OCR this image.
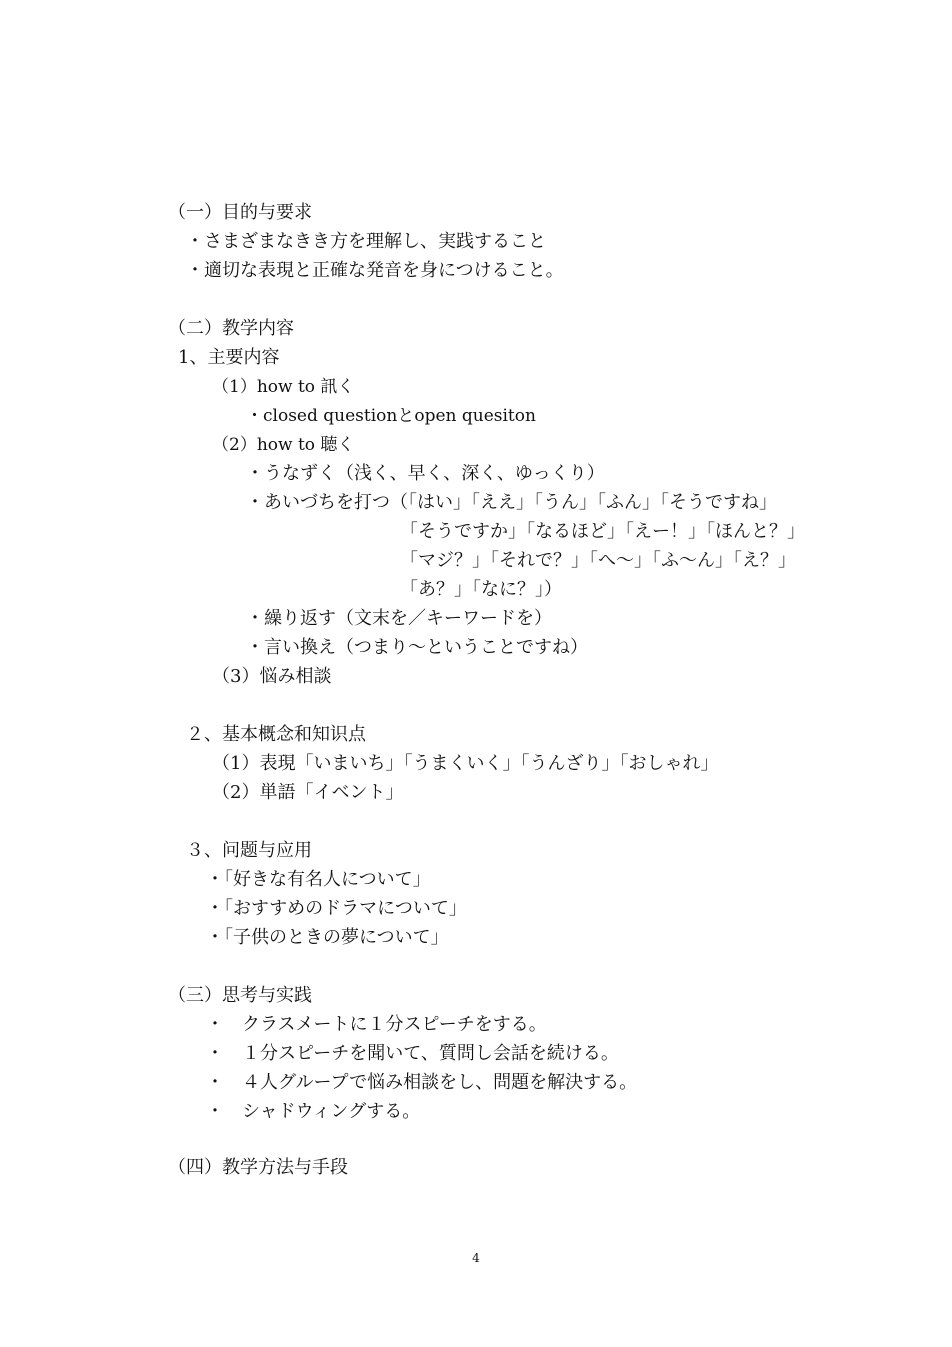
（一）目的与要求
・さまざまなきき方を理解し、実践すること
・適切な表現と正確な発音を身につけること。
（二）教学内容
1、主要内容
（1）how to 訊く
・closed questionとopen quesiton
（2）how to 聴く
・うなずく（浅く、早く、深く、ゆっくり）
・あいづちを打つ（「はい」「ええ」「うん」「ふん」「そうですね」
「そうですか」「なるほど」「えー！」「ほんと？」
「マジ？」「それで？」「へ～」「ふ～ん」「え？」
「あ？」「なに？」）
・繰り返す（文末を／キーワードを）
・言い換え（つまり～ということですね）
（3）悩み相談
２、基本概念和知识点
（1）表現「いまいち」「うまくいく」「うんざり」「おしゃれ」
（2）単語「イベント」
３、问题与应用
・「好きな有名人について」
・「おすすめのドラマについて」
・「子供のときの夢について」
（三）思考与实践
・　クラスメートに１分スピーチをする。
・　１分スピーチを聞いて、質問し会話を続ける。
・　４人グループで悩み相談をし、問題を解決する。
・　シャドウィングする。
（四）教学方法与手段
4
